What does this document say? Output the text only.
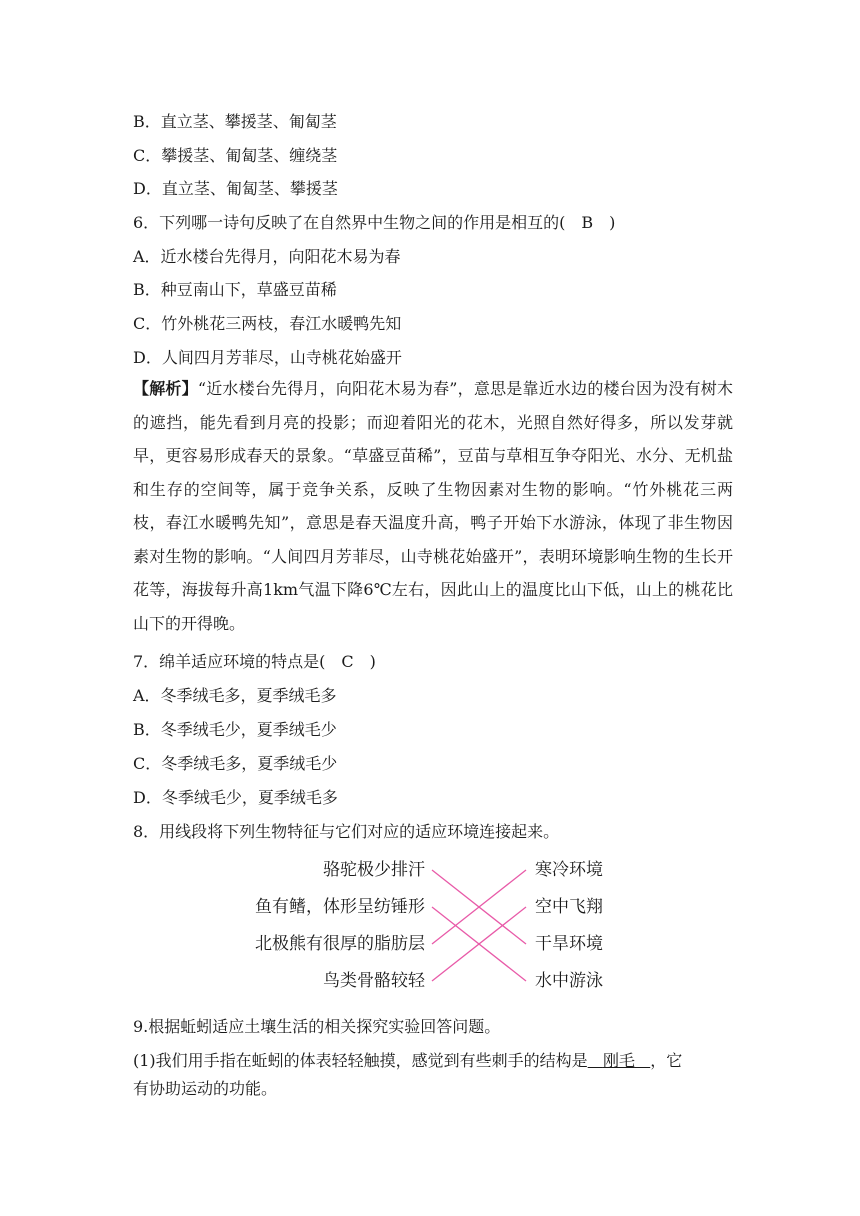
B．直立茎、攀援茎、匍匐茎
C．攀援茎、匍匐茎、缠绕茎
D．直立茎、匍匐茎、攀援茎
6．下列哪一诗句反映了在自然界中生物之间的作用是相互的(　B　)
A．近水楼台先得月，向阳花木易为春
B．种豆南山下，草盛豆苗稀
C．竹外桃花三两枝，春江水暖鸭先知
D．人间四月芳菲尽，山寺桃花始盛开
【解析】“近水楼台先得月，向阳花木易为春”，意思是靠近水边的楼台因为没有树木的遮挡，能先看到月亮的投影；而迎着阳光的花木，光照自然好得多，所以发芽就早，更容易形成春天的景象。“草盛豆苗稀”，豆苗与草相互争夺阳光、水分、无机盐和生存的空间等，属于竞争关系，反映了生物因素对生物的影响。“竹外桃花三两枝，春江水暖鸭先知”，意思是春天温度升高，鸭子开始下水游泳，体现了非生物因素对生物的影响。“人间四月芳菲尽，山寺桃花始盛开”，表明环境影响生物的生长开花等，海拔每升高1km气温下降6℃左右，因此山上的温度比山下低，山上的桃花比山下的开得晚。
7．绵羊适应环境的特点是(　C　)
A．冬季绒毛多，夏季绒毛多
B．冬季绒毛少，夏季绒毛少
C．冬季绒毛多，夏季绒毛少
D．冬季绒毛少，夏季绒毛多
8．用线段将下列生物特征与它们对应的适应环境连接起来。
骆驼极少排汗
鱼有鳍，体形呈纺锤形
北极熊有很厚的脂肪层
鸟类骨骼较轻
寒冷环境
空中飞翔
干旱环境
水中游泳
9.根据蚯蚓适应土壤生活的相关探究实验回答问题。
(1)我们用手指在蚯蚓的体表轻轻触摸，感觉到有些刺手的结构是 刚毛 ，它
有协助运动的功能。
